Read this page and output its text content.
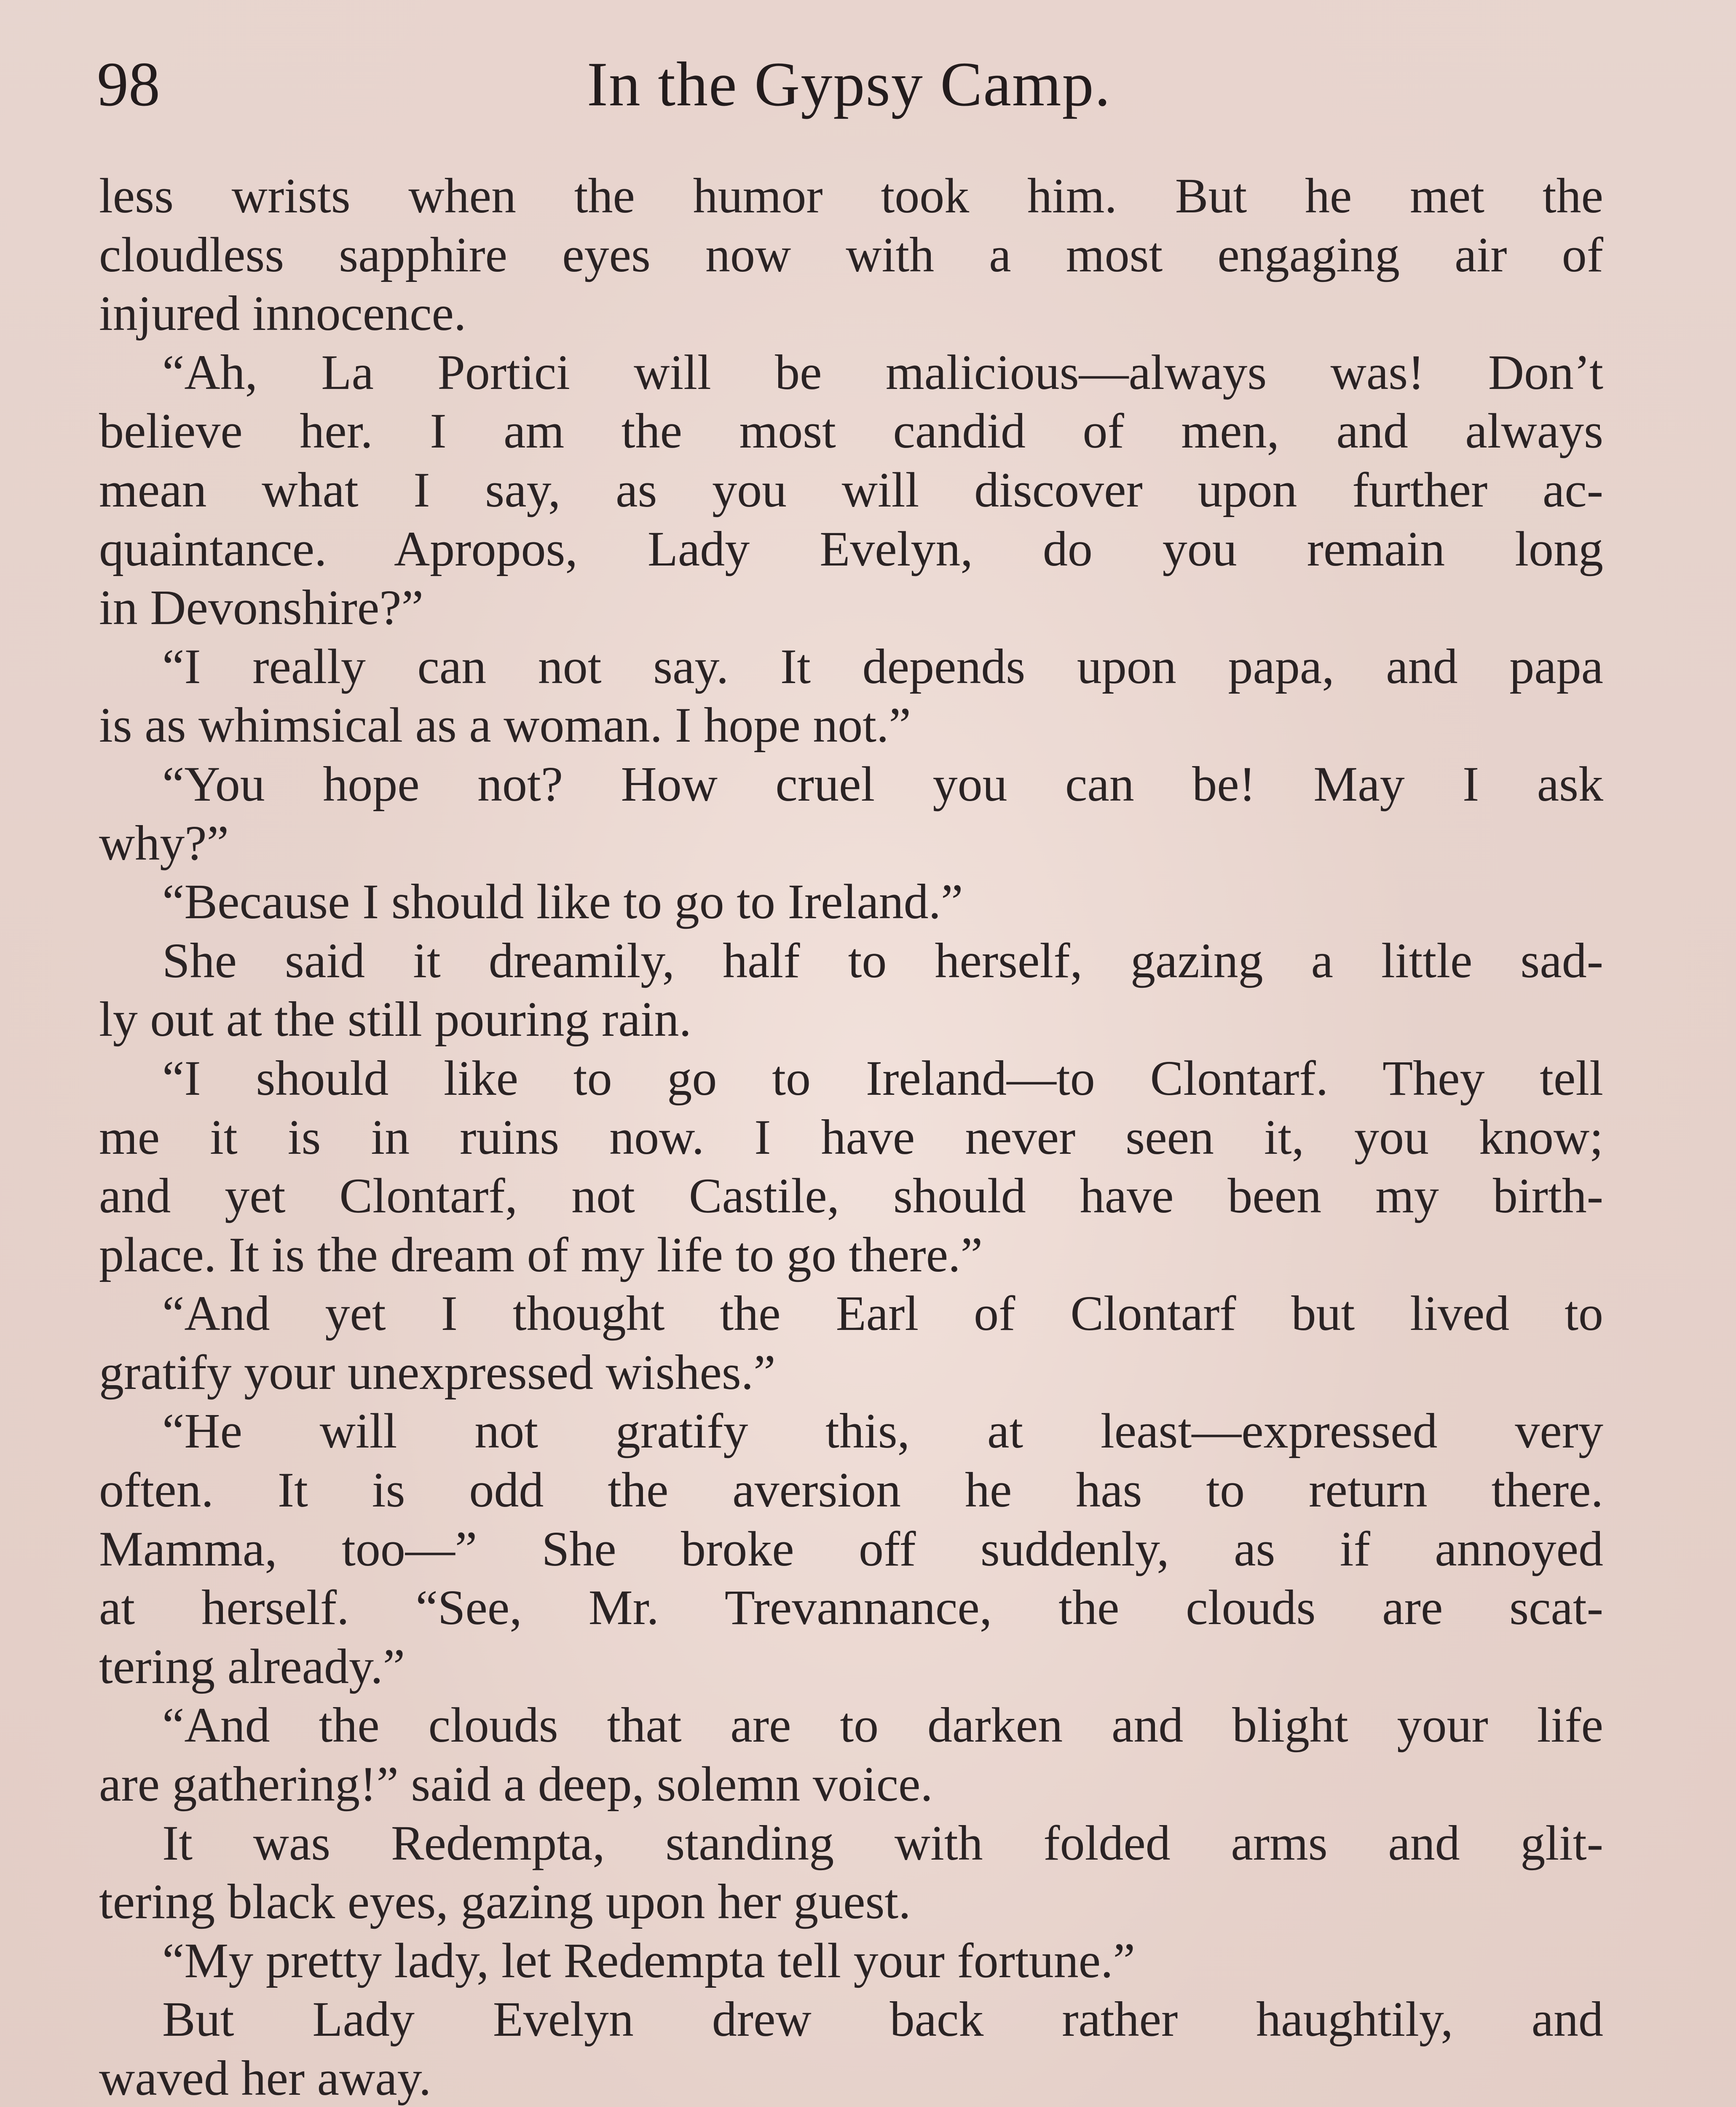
98	In the Gypsy Camp.
less wrists when the humor took him. But he met the
cloudless sapphire eyes now with a most engaging air of
injured innocence.
“Ah, La Portici will be malicious—always was! Don’t
believe her. I am the most candid of men, and always
mean what I say, as you will discover upon further ac-
quaintance. Apropos, Lady Evelyn, do you remain long
in Devonshire?”
“I really can not say. It depends upon papa, and papa
is as whimsical as a woman. I hope not.”
“You hope not? How cruel you can be! May I ask
why?”
“Because I should like to go to Ireland.”
She said it dreamily, half to herself, gazing a little sad-
ly out at the still pouring rain.
“I should like to go to Ireland—to Clontarf. They tell
me it is in ruins now. I have never seen it, you know;
and yet Clontarf, not Castile, should have been my birth-
place. It is the dream of my life to go there.”
“And yet I thought the Earl of Clontarf but lived to
gratify your unexpressed wishes.”
“He will not gratify this, at least—expressed very
often. It is odd the aversion he has to return there.
Mamma, too—” She broke off suddenly, as if annoyed
at herself. “See, Mr. Trevannance, the clouds are scat-
tering already.”
“And the clouds that are to darken and blight your life
are gathering!” said a deep, solemn voice.
It was Redempta, standing with folded arms and glit-
tering black eyes, gazing upon her guest.
“My pretty lady, let Redempta tell your fortune.”
But Lady Evelyn drew back rather haughtily, and
waved her away.
